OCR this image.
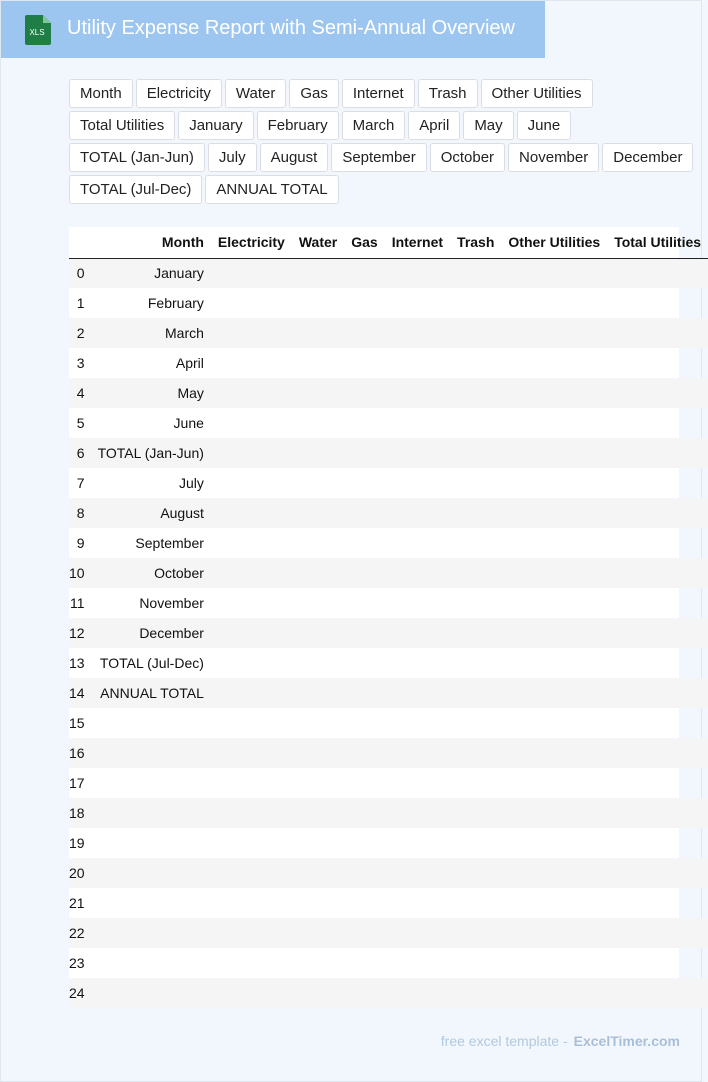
XLS Utility Expense Report with Semi-Annual Overview
Month	Electricity	Water	Gas	Internet	Trash	Other Utilities
Total Utilities	January	February	March	April	May	June
TOTAL (Jan-Jun)	July	August	September	October	November	December
TOTAL (Jul-Dec)	ANNUAL TOTAL
	Month	Electricity	Water	Gas	Internet	Trash	Other Utilities	Total Utilities
0	January							
1	February							
2	March							
3	April							
4	May							
5	June							
6	TOTAL (Jan-Jun)							
7	July							
8	August							
9	September							
10	October							
11	November							
12	December							
13	TOTAL (Jul-Dec)							
14	ANNUAL TOTAL							
15								
16								
17								
18								
19								
20								
21								
22								
23								
24								
free excel template - ExcelTimer.com
